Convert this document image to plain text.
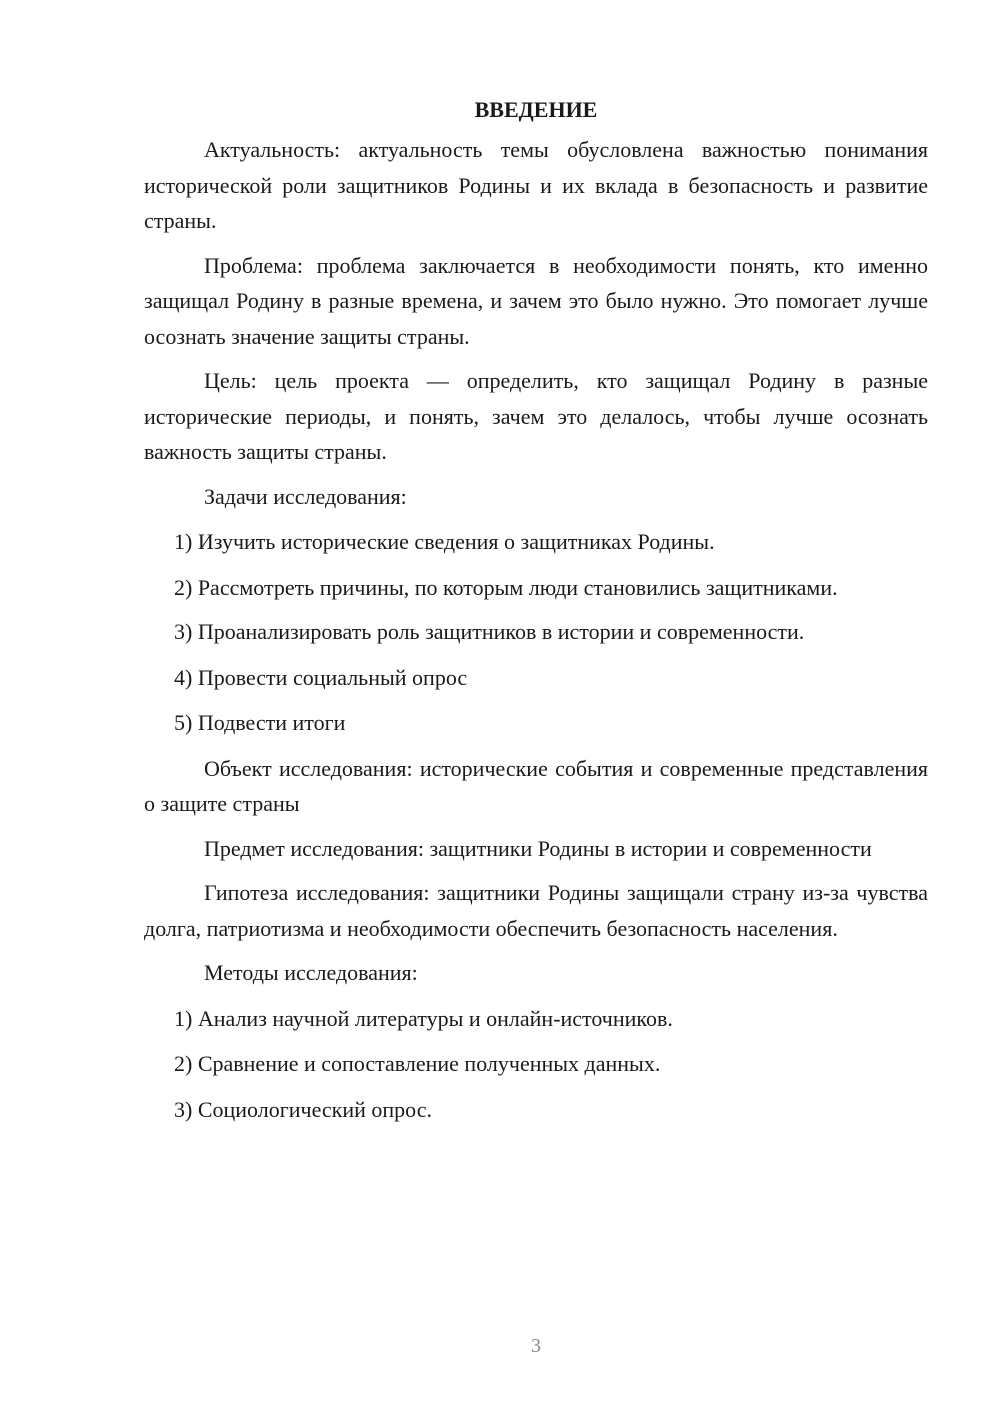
ВВЕДЕНИЕ

Актуальность: актуальность темы обусловлена важностью понимания исторической роли защитников Родины и их вклада в безопасность и развитие страны.

Проблема: проблема заключается в необходимости понять, кто именно защищал Родину в разные времена, и зачем это было нужно. Это помогает лучше осознать значение защиты страны.

Цель: цель проекта — определить, кто защищал Родину в разные исторические периоды, и понять, зачем это делалось, чтобы лучше осознать важность защиты страны.

Задачи исследования:

1) Изучить исторические сведения о защитниках Родины.

2) Рассмотреть причины, по которым люди становились защитниками.

3) Проанализировать роль защитников в истории и современности.

4) Провести социальный опрос

5) Подвести итоги

Объект исследования: исторические события и современные представления о защите страны

Предмет исследования: защитники Родины в истории и современности

Гипотеза исследования: защитники Родины защищали страну из-за чувства долга, патриотизма и необходимости обеспечить безопасность населения.

Методы исследования:

1) Анализ научной литературы и онлайн-источников.

2) Сравнение и сопоставление полученных данных.

3) Социологический опрос.

3
